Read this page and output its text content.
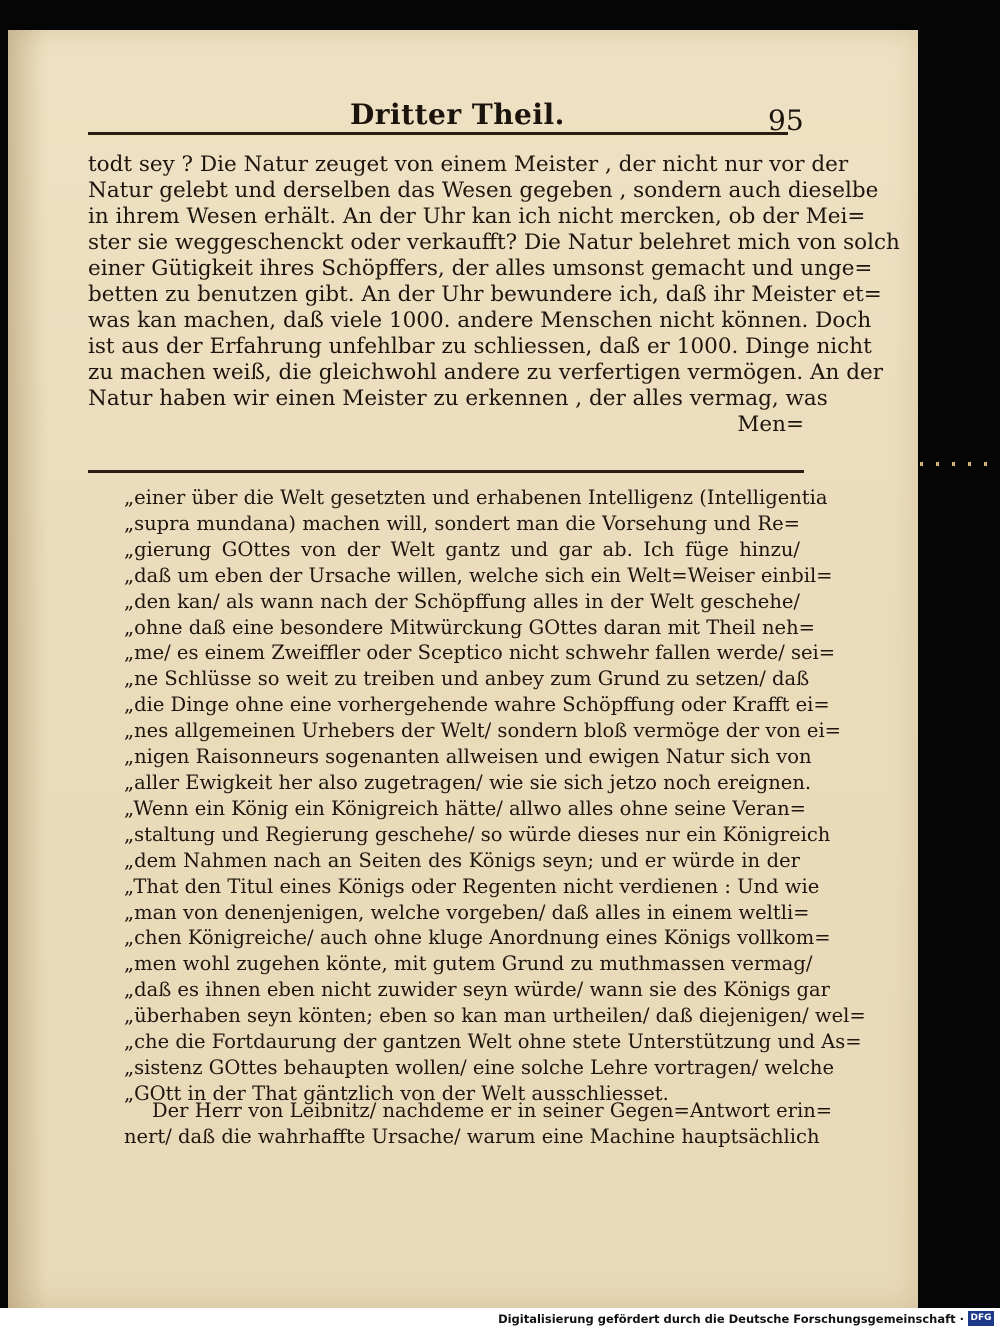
Dritter Theil.	95
todt sey ? Die Natur zeuget von einem Meister , der nicht nur vor der
Natur gelebt und derselben das Wesen gegeben , sondern auch dieselbe
in ihrem Wesen erhält. An der Uhr kan ich nicht mercken, ob der Mei=
ster sie weggeschenckt oder verkaufft? Die Natur belehret mich von solch
einer Gütigkeit ihres Schöpffers, der alles umsonst gemacht und unge=
betten zu benutzen gibt. An der Uhr bewundere ich, daß ihr Meister et=
was kan machen, daß viele 1000. andere Menschen nicht können. Doch
ist aus der Erfahrung unfehlbar zu schliessen, daß er 1000. Dinge nicht
zu machen weiß, die gleichwohl andere zu verfertigen vermögen. An der
Natur haben wir einen Meister zu erkennen , der alles vermag, was
Men=
„einer über die Welt gesetzten und erhabenen Intelligenz (Intelligentia
„supra mundana) machen will, sondert man die Vorsehung und Re=
„gierung GOttes von der Welt gantz und gar ab. Ich füge hinzu/
„daß um eben der Ursache willen, welche sich ein Welt=Weiser einbil=
„den kan/ als wann nach der Schöpffung alles in der Welt geschehe/
„ohne daß eine besondere Mitwürckung GOttes daran mit Theil neh=
„me/ es einem Zweiffler oder Sceptico nicht schwehr fallen werde/ sei=
„ne Schlüsse so weit zu treiben und anbey zum Grund zu setzen/ daß
„die Dinge ohne eine vorhergehende wahre Schöpffung oder Krafft ei=
„nes allgemeinen Urhebers der Welt/ sondern bloß vermöge der von ei=
„nigen Raisonneurs sogenanten allweisen und ewigen Natur sich von
„aller Ewigkeit her also zugetragen/ wie sie sich jetzo noch ereignen.
„Wenn ein König ein Königreich hätte/ allwo alles ohne seine Veran=
„staltung und Regierung geschehe/ so würde dieses nur ein Königreich
„dem Nahmen nach an Seiten des Königs seyn; und er würde in der
„That den Titul eines Königs oder Regenten nicht verdienen : Und wie
„man von denenjenigen, welche vorgeben/ daß alles in einem weltli=
„chen Königreiche/ auch ohne kluge Anordnung eines Königs vollkom=
„men wohl zugehen könte, mit gutem Grund zu muthmassen vermag/
„daß es ihnen eben nicht zuwider seyn würde/ wann sie des Königs gar
„überhaben seyn könten; eben so kan man urtheilen/ daß diejenigen/ wel=
„che die Fortdaurung der gantzen Welt ohne stete Unterstützung und As=
„sistenz GOttes behaupten wollen/ eine solche Lehre vortragen/ welche
„GOtt in der That gäntzlich von der Welt ausschliesset.
Der Herr von Leibnitz/ nachdeme er in seiner Gegen=Antwort erin=
nert/ daß die wahrhaffte Ursache/ warum eine Machine hauptsächlich
Digitalisierung gefördert durch die Deutsche Forschungsgemeinschaft · DFG
